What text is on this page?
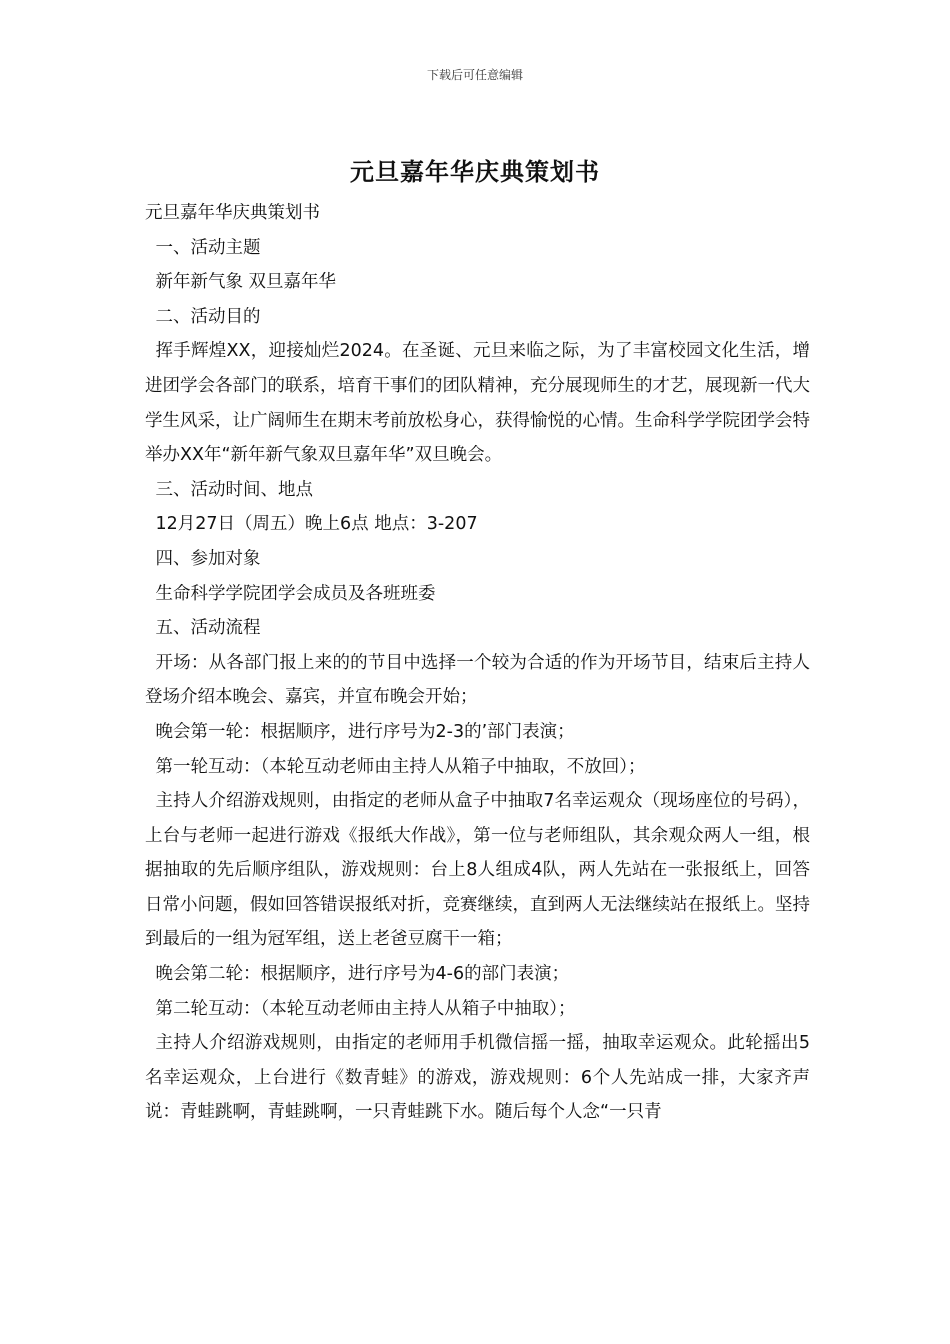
下载后可任意编辑
元旦嘉年华庆典策划书

元旦嘉年华庆典策划书

一、活动主题

新年新气象 双旦嘉年华

二、活动目的

挥手辉煌XX，迎接灿烂2024。在圣诞、元旦来临之际，为了丰富校园文化生活，增进团学会各部门的联系，培育干事们的团队精神，充分展现师生的才艺，展现新一代大学生风采，让广阔师生在期末考前放松身心，获得愉悦的心情。生命科学学院团学会特举办XX年“新年新气象双旦嘉年华”双旦晚会。

三、活动时间、地点

12月27日（周五）晚上6点 地点：3-207

四、参加对象

生命科学学院团学会成员及各班班委

五、活动流程

开场：从各部门报上来的的节目中选择一个较为合适的作为开场节目，结束后主持人登场介绍本晚会、嘉宾，并宣布晚会开始；

晚会第一轮：根据顺序，进行序号为2-3的’部门表演；

第一轮互动：（本轮互动老师由主持人从箱子中抽取，不放回）；

主持人介绍游戏规则，由指定的老师从盒子中抽取7名幸运观众（现场座位的号码），上台与老师一起进行游戏《报纸大作战》，第一位与老师组队，其余观众两人一组，根据抽取的先后顺序组队，游戏规则：台上8人组成4队，两人先站在一张报纸上，回答日常小问题，假如回答错误报纸对折，竞赛继续，直到两人无法继续站在报纸上。坚持到最后的一组为冠军组，送上老爸豆腐干一箱；

晚会第二轮：根据顺序，进行序号为4-6的部门表演；

第二轮互动：（本轮互动老师由主持人从箱子中抽取）；

主持人介绍游戏规则，由指定的老师用手机微信摇一摇，抽取幸运观众。此轮摇出5名幸运观众，上台进行《数青蛙》的游戏，游戏规则：6个人先站成一排，大家齐声说：青蛙跳啊，青蛙跳啊，一只青蛙跳下水。随后每个人念“一只青
